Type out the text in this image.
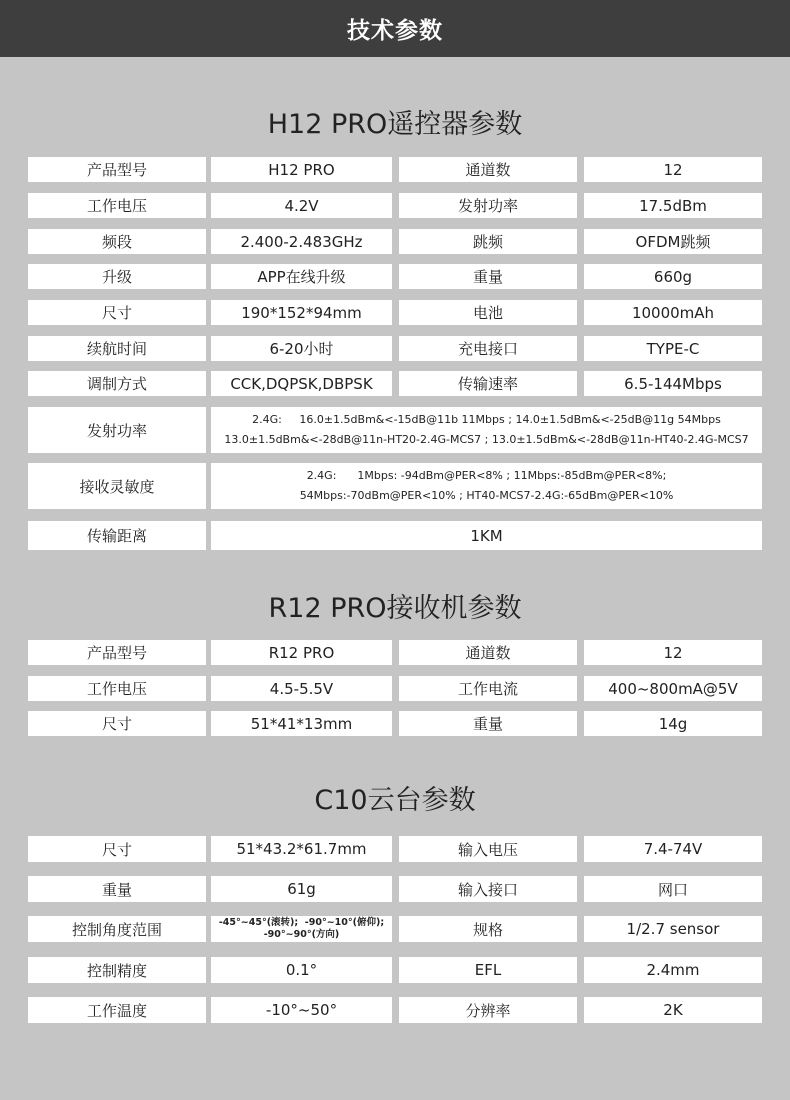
技术参数
H12 PRO遥控器参数
产品型号	H12 PRO	通道数	12
工作电压	4.2V	发射功率	17.5dBm
频段	2.400-2.483GHz	跳频	OFDM跳频
升级	APP在线升级	重量	660g
尺寸	190*152*94mm	电池	10000mAh
续航时间	6-20小时	充电接口	TYPE-C
调制方式	CCK,DQPSK,DBPSK	传输速率	6.5-144Mbps
发射功率
2.4G:     16.0±1.5dBm&<-15dB@11b 11Mbps ; 14.0±1.5dBm&<-25dB@11g 54Mbps
13.0±1.5dBm&<-28dB@11n-HT20-2.4G-MCS7 ; 13.0±1.5dBm&<-28dB@11n-HT40-2.4G-MCS7
接收灵敏度
2.4G:      1Mbps: -94dBm@PER<8% ; 11Mbps:-85dBm@PER<8%;
54Mbps:-70dBm@PER<10% ; HT40-MCS7-2.4G:-65dBm@PER<10%
传输距离	1KM
R12 PRO接收机参数
产品型号	R12 PRO	通道数	12
工作电压	4.5-5.5V	工作电流	400~800mA@5V
尺寸	51*41*13mm	重量	14g
C10云台参数
尺寸	51*43.2*61.7mm	输入电压	7.4-74V
重量	61g	输入接口	网口
控制角度范围	-45°~45°(滚转);  -90°~10°(俯仰);
-90°~90°(方向)	规格	1/2.7 sensor
控制精度	0.1°	EFL	2.4mm
工作温度	-10°~50°	分辨率	2K
